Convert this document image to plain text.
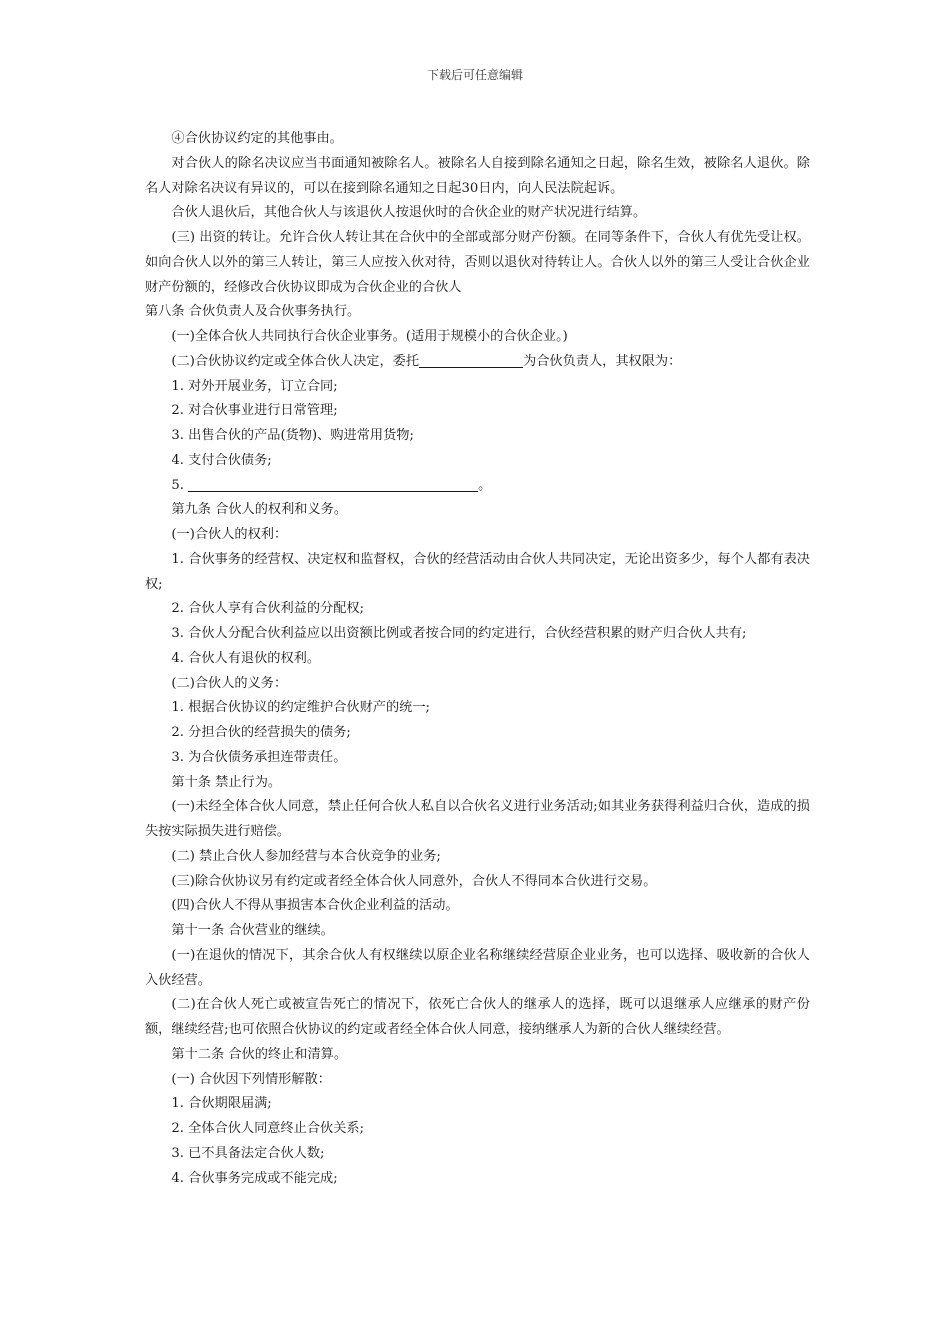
下载后可任意编辑

④合伙协议约定的其他事由。

对合伙人的除名决议应当书面通知被除名人。被除名人自接到除名通知之日起，除名生效，被除名人退伙。除名人对除名决议有异议的，可以在接到除名通知之日起30日内，向人民法院起诉。

合伙人退伙后，其他合伙人与该退伙人按退伙时的合伙企业的财产状况进行结算。

(三) 出资的转让。允许合伙人转让其在合伙中的全部或部分财产份额。在同等条件下，合伙人有优先受让权。如向合伙人以外的第三人转让，第三人应按入伙对待，否则以退伙对待转让人。合伙人以外的第三人受让合伙企业财产份额的，经修改合伙协议即成为合伙企业的合伙人

第八条 合伙负责人及合伙事务执行。

(一)全体合伙人共同执行合伙企业事务。(适用于规模小的合伙企业。)

(二)合伙协议约定或全体合伙人决定，委托	为合伙负责人，其权限为：

1. 对外开展业务，订立合同;

2. 对合伙事业进行日常管理;

3. 出售合伙的产品(货物)、购进常用货物;

4. 支付合伙债务;

5.	。

第九条 合伙人的权利和义务。

(一)合伙人的权利：

1. 合伙事务的经营权、决定权和监督权，合伙的经营活动由合伙人共同决定，无论出资多少，每个人都有表决权;

2. 合伙人享有合伙利益的分配权;

3. 合伙人分配合伙利益应以出资额比例或者按合同的约定进行，合伙经营积累的财产归合伙人共有;

4. 合伙人有退伙的权利。

(二)合伙人的义务：

1. 根据合伙协议的约定维护合伙财产的统一;

2. 分担合伙的经营损失的债务;

3. 为合伙债务承担连带责任。

第十条 禁止行为。

(一)未经全体合伙人同意，禁止任何合伙人私自以合伙名义进行业务活动;如其业务获得利益归合伙，造成的损失按实际损失进行赔偿。

(二) 禁止合伙人参加经营与本合伙竞争的业务;

(三)除合伙协议另有约定或者经全体合伙人同意外，合伙人不得同本合伙进行交易。

(四)合伙人不得从事损害本合伙企业利益的活动。

第十一条 合伙营业的继续。

(一)在退伙的情况下，其余合伙人有权继续以原企业名称继续经营原企业业务，也可以选择、吸收新的合伙人入伙经营。

(二)在合伙人死亡或被宣告死亡的情况下，依死亡合伙人的继承人的选择，既可以退继承人应继承的财产份额，继续经营;也可依照合伙协议的约定或者经全体合伙人同意，接纳继承人为新的合伙人继续经营。

第十二条 合伙的终止和清算。

(一) 合伙因下列情形解散：

1. 合伙期限届满;

2. 全体合伙人同意终止合伙关系;

3. 已不具备法定合伙人数;

4. 合伙事务完成或不能完成;
